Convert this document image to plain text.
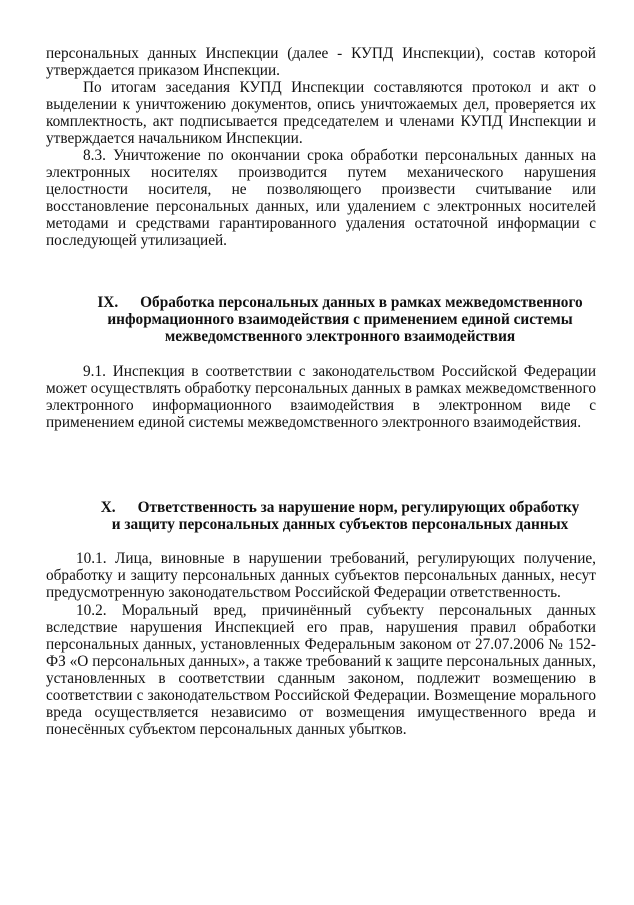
персональных данных Инспекции (далее - КУПД Инспекции), состав которой утверждается приказом Инспекции.

По итогам заседания КУПД Инспекции составляются протокол и акт о выделении к уничтожению документов, опись уничтожаемых дел, проверяется их комплектность, акт подписывается председателем и членами КУПД Инспекции и утверждается начальником Инспекции.

8.3. Уничтожение по окончании срока обработки персональных данных на электронных носителях производится путем механического нарушения целостности носителя, не позволяющего произвести считывание или восстановление персональных данных, или удалением с электронных носителей методами и средствами гарантированного удаления остаточной информации с последующей утилизацией.

IX. Обработка персональных данных в рамках межведомственного
информационного взаимодействия с применением единой системы
межведомственного электронного взаимодействия

9.1. Инспекция в соответствии с законодательством Российской Федерации может осуществлять обработку персональных данных в рамках межведомственного электронного информационного взаимодействия в электронном виде с применением единой системы межведомственного электронного взаимодействия.

X. Ответственность за нарушение норм, регулирующих обработку
и защиту персональных данных субъектов персональных данных

10.1. Лица, виновные в нарушении требований, регулирующих получение, обработку и защиту персональных данных субъектов персональных данных, несут предусмотренную законодательством Российской Федерации ответственность.

10.2. Моральный вред, причинённый субъекту персональных данных вследствие нарушения Инспекцией его прав, нарушения правил обработки персональных данных, установленных Федеральным законом от 27.07.2006 № 152-ФЗ «О персональных данных», а также требований к защите персональных данных, установленных в соответствии сданным законом, подлежит возмещению в соответствии с законодательством Российской Федерации. Возмещение морального вреда осуществляется независимо от возмещения имущественного вреда и понесённых субъектом персональных данных убытков.
